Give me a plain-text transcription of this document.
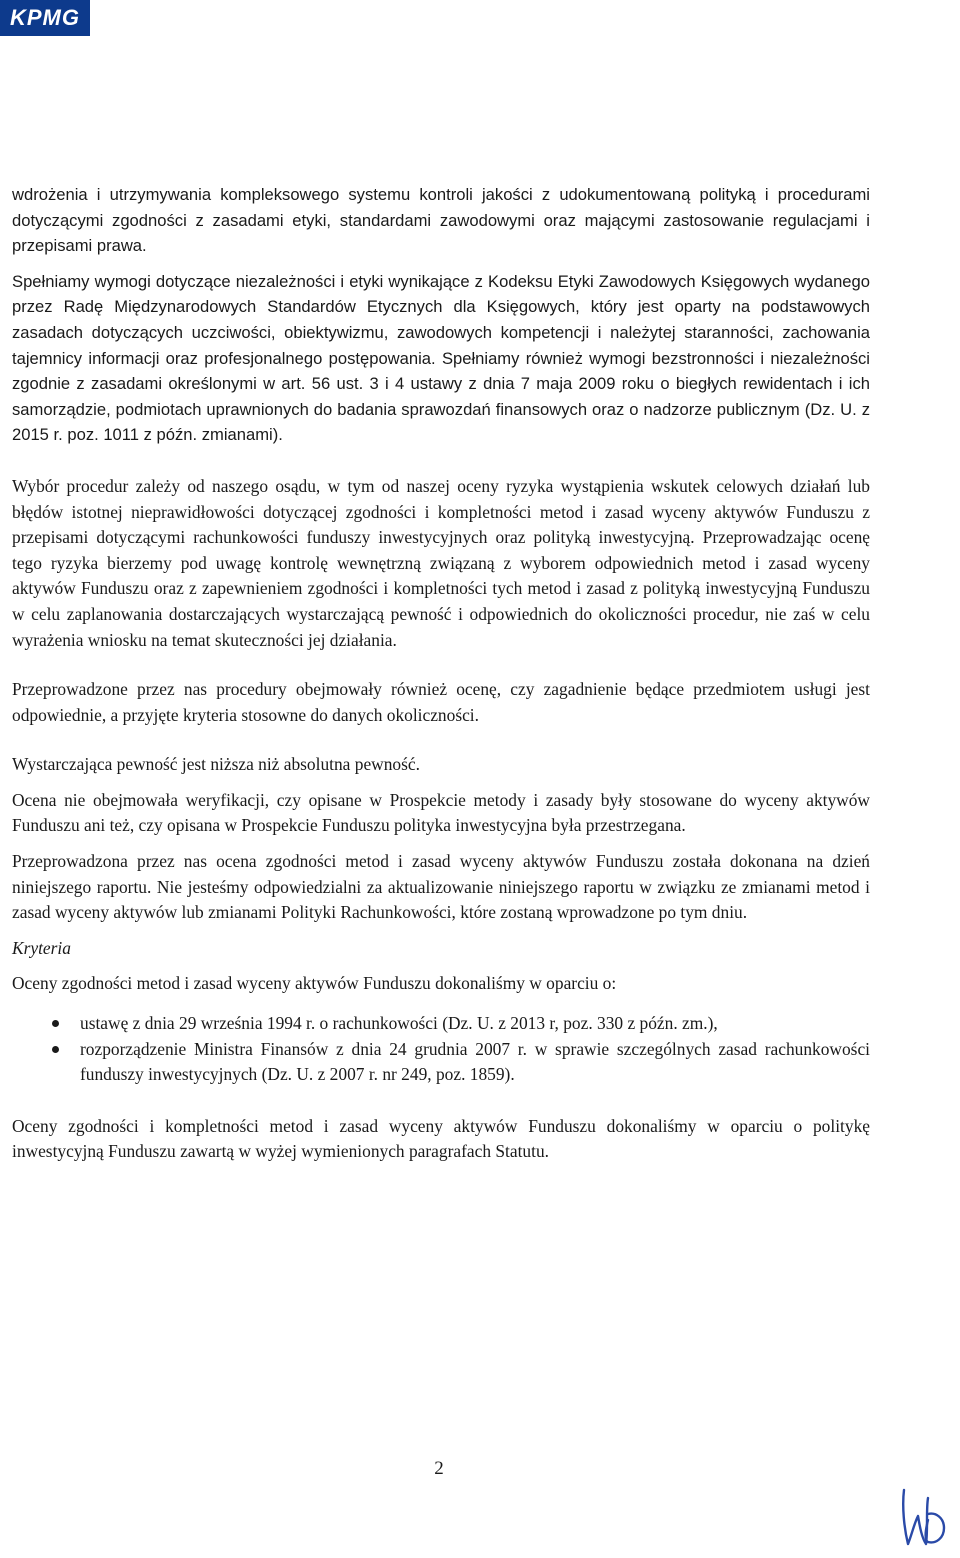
KPMG

wdrożenia i utrzymywania kompleksowego systemu kontroli jakości z udokumentowaną polityką i procedurami dotyczącymi zgodności z zasadami etyki, standardami zawodowymi oraz mającymi zastosowanie regulacjami i przepisami prawa.

Spełniamy wymogi dotyczące niezależności i etyki wynikające z Kodeksu Etyki Zawodowych Księgowych wydanego przez Radę Międzynarodowych Standardów Etycznych dla Księgowych, który jest oparty na podstawowych zasadach dotyczących uczciwości, obiektywizmu, zawodowych kompetencji i należytej staranności, zachowania tajemnicy informacji oraz profesjonalnego postępowania. Spełniamy również wymogi bezstronności i niezależności zgodnie z zasadami określonymi w art. 56 ust. 3 i 4 ustawy z dnia 7 maja 2009 roku o biegłych rewidentach i ich samorządzie, podmiotach uprawnionych do badania sprawozdań finansowych oraz o nadzorze publicznym (Dz. U. z 2015 r. poz. 1011 z późn. zmianami).

Wybór procedur zależy od naszego osądu, w tym od naszej oceny ryzyka wystąpienia wskutek celowych działań lub błędów istotnej nieprawidłowości dotyczącej zgodności i kompletności metod i zasad wyceny aktywów Funduszu z przepisami dotyczącymi rachunkowości funduszy inwestycyjnych oraz polityką inwestycyjną. Przeprowadzając ocenę tego ryzyka bierzemy pod uwagę kontrolę wewnętrzną związaną z wyborem odpowiednich metod i zasad wyceny aktywów Funduszu oraz z zapewnieniem zgodności i kompletności tych metod i zasad z polityką inwestycyjną Funduszu w celu zaplanowania dostarczających wystarczającą pewność i odpowiednich do okoliczności procedur, nie zaś w celu wyrażenia wniosku na temat skuteczności jej działania.

Przeprowadzone przez nas procedury obejmowały również ocenę, czy zagadnienie będące przedmiotem usługi jest odpowiednie, a przyjęte kryteria stosowne do danych okoliczności.

Wystarczająca pewność jest niższa niż absolutna pewność.

Ocena nie obejmowała weryfikacji, czy opisane w Prospekcie metody i zasady były stosowane do wyceny aktywów Funduszu ani też, czy opisana w Prospekcie Funduszu polityka inwestycyjna była przestrzegana.

Przeprowadzona przez nas ocena zgodności metod i zasad wyceny aktywów Funduszu została dokonana na dzień niniejszego raportu. Nie jesteśmy odpowiedzialni za aktualizowanie niniejszego raportu w związku ze zmianami metod i zasad wyceny aktywów lub zmianami Polityki Rachunkowości, które zostaną wprowadzone po tym dniu.

Kryteria

Oceny zgodności metod i zasad wyceny aktywów Funduszu dokonaliśmy w oparciu o:

ustawę z dnia 29 września 1994 r. o rachunkowości (Dz. U. z 2013 r, poz. 330 z późn. zm.),
rozporządzenie Ministra Finansów z dnia 24 grudnia 2007 r. w sprawie szczególnych zasad rachunkowości funduszy inwestycyjnych (Dz. U. z 2007 r. nr 249, poz. 1859).

Oceny zgodności i kompletności metod i zasad wyceny aktywów Funduszu dokonaliśmy w oparciu o politykę inwestycyjną Funduszu zawartą w wyżej wymienionych paragrafach Statutu.

2
